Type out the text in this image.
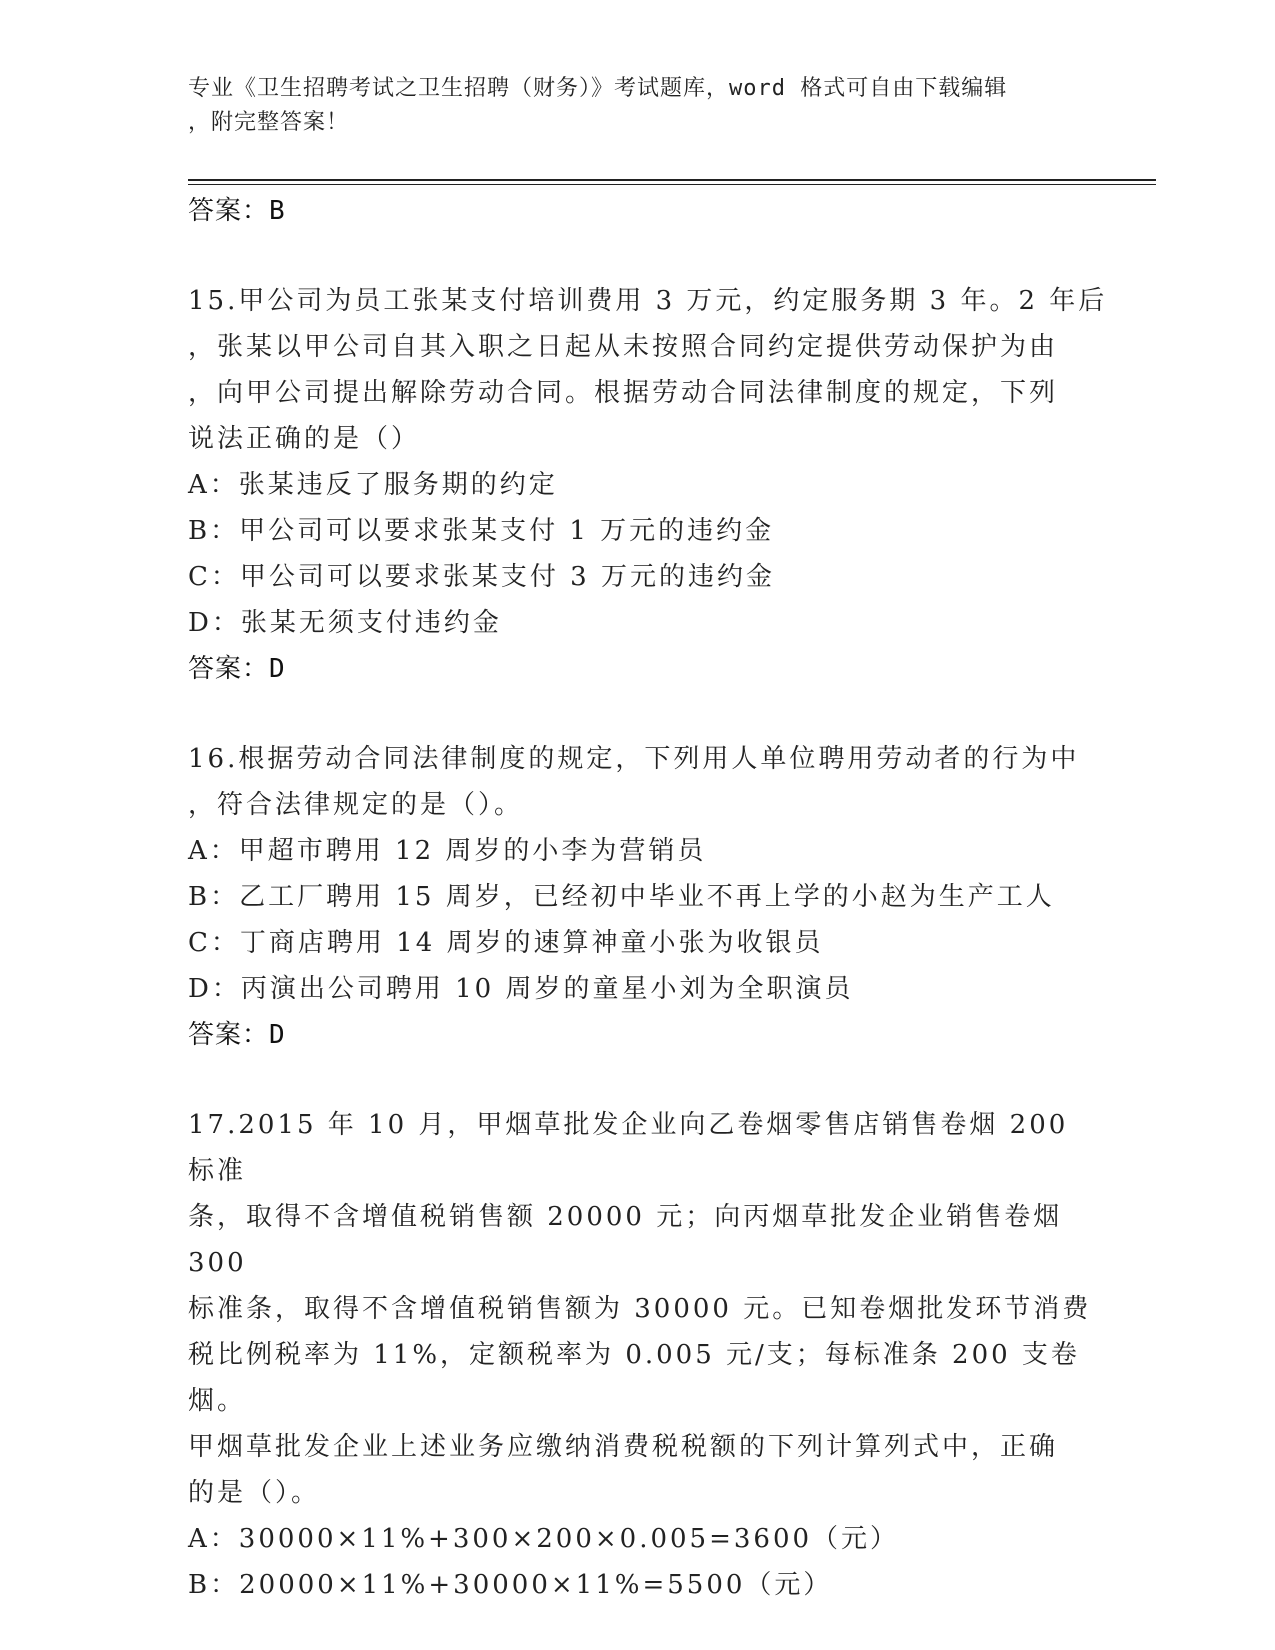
专业《卫生招聘考试之卫生招聘（财务）》考试题库，word 格式可自由下载编辑
，附完整答案！

答案：B

15.甲公司为员工张某支付培训费用 3 万元，约定服务期 3 年。2 年后

，张某以甲公司自其入职之日起从未按照合同约定提供劳动保护为由

，向甲公司提出解除劳动合同。根据劳动合同法律制度的规定，下列

说法正确的是（）

A：张某违反了服务期的约定

B：甲公司可以要求张某支付 1 万元的违约金

C：甲公司可以要求张某支付 3 万元的违约金

D：张某无须支付违约金

答案：D

16.根据劳动合同法律制度的规定，下列用人单位聘用劳动者的行为中

，符合法律规定的是（）。

A：甲超市聘用 12 周岁的小李为营销员

B：乙工厂聘用 15 周岁，已经初中毕业不再上学的小赵为生产工人

C：丁商店聘用 14 周岁的速算神童小张为收银员

D：丙演出公司聘用 10 周岁的童星小刘为全职演员

答案：D

17.2015 年 10 月，甲烟草批发企业向乙卷烟零售店销售卷烟 200 标准

条，取得不含增值税销售额 20000 元；向丙烟草批发企业销售卷烟 300

标准条，取得不含增值税销售额为 30000 元。已知卷烟批发环节消费

税比例税率为 11%，定额税率为 0.005 元/支；每标准条 200 支卷烟。

甲烟草批发企业上述业务应缴纳消费税税额的下列计算列式中，正确

的是（）。

A：30000×11%+300×200×0.005=3600（元）

B：20000×11%+30000×11%=5500（元）
